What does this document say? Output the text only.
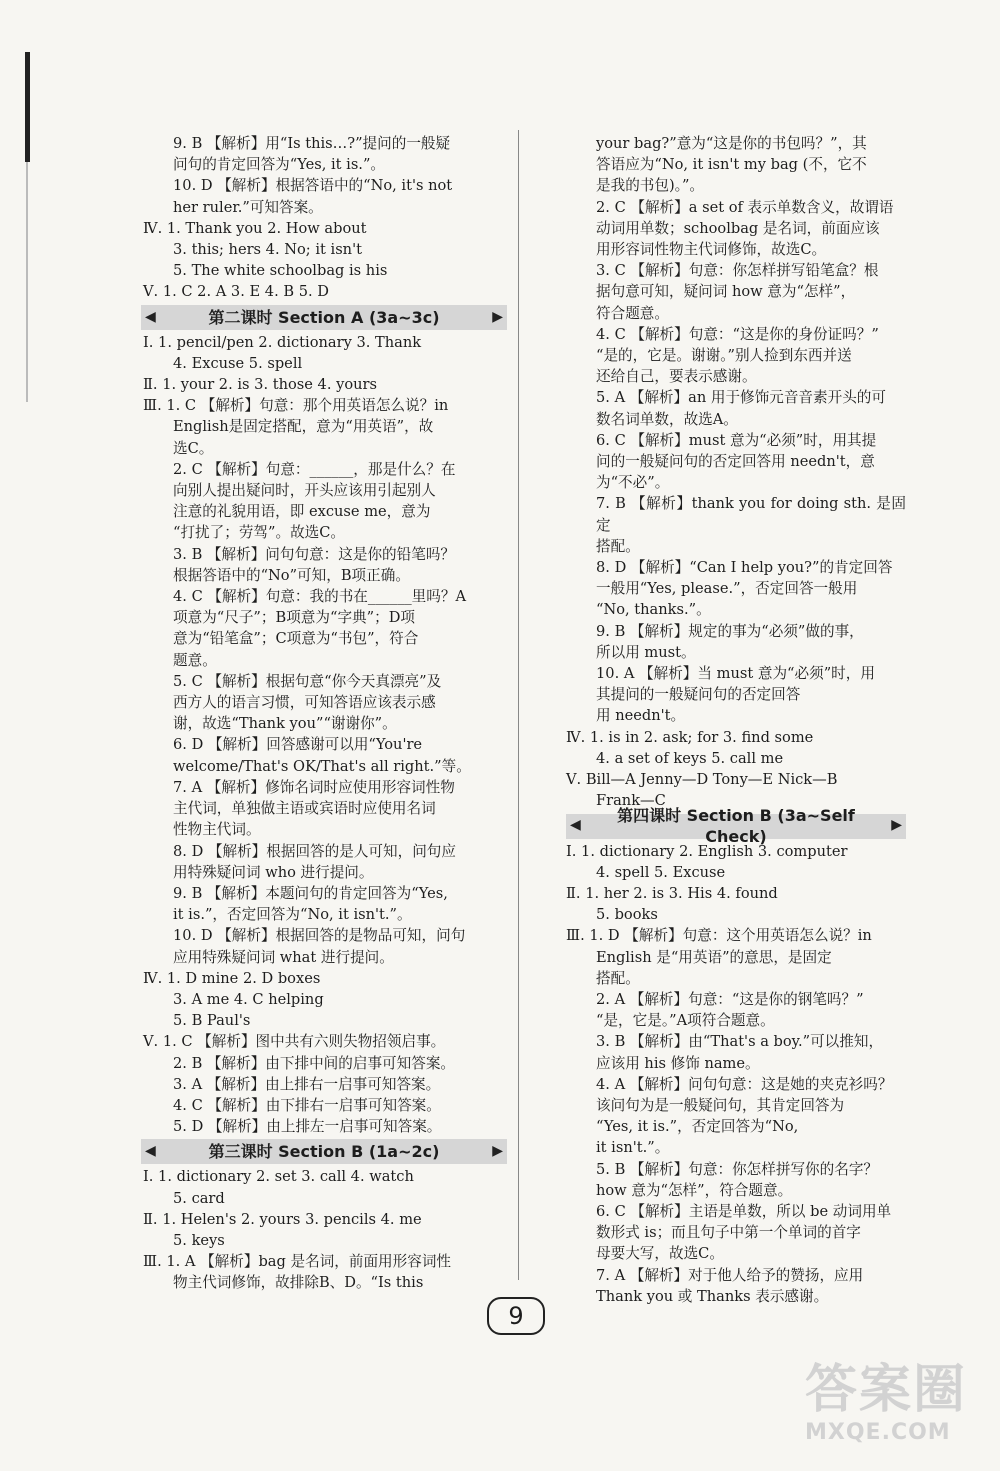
9. B 【解析】用“Is this…?”提问的一般疑
问句的肯定回答为“Yes, it is.”。
10. D 【解析】根据答语中的“No, it's not
her ruler.”可知答案。
Ⅳ. 1. Thank you 2. How about
3. this; hers 4. No; it isn't
5. The white schoolbag is his
Ⅴ. 1. C 2. A 3. E 4. B 5. D
◀	第二课时 Section A (3a~3c)	▶
Ⅰ. 1. pencil/pen 2. dictionary 3. Thank
4. Excuse 5. spell
Ⅱ. 1. your 2. is 3. those 4. yours
Ⅲ. 1. C 【解析】句意：那个用英语怎么说？in
English是固定搭配，意为“用英语”，故
选C。
2. C 【解析】句意：______，那是什么？在
向别人提出疑问时，开头应该用引起别人
注意的礼貌用语，即 excuse me，意为
“打扰了；劳驾”。故选C。
3. B 【解析】问句句意：这是你的铅笔吗？
根据答语中的“No”可知，B项正确。
4. C 【解析】句意：我的书在______里吗？A
项意为“尺子”；B项意为“字典”；D项
意为“铅笔盒”；C项意为“书包”，符合
题意。
5. C 【解析】根据句意“你今天真漂亮”及
西方人的语言习惯，可知答语应该表示感
谢，故选“Thank you”“谢谢你”。
6. D 【解析】回答感谢可以用“You're
welcome/That's OK/That's all right.”等。
7. A 【解析】修饰名词时应使用形容词性物
主代词，单独做主语或宾语时应使用名词
性物主代词。
8. D 【解析】根据回答的是人可知，问句应
用特殊疑问词 who 进行提问。
9. B 【解析】本题问句的肯定回答为“Yes,
it is.”，否定回答为“No, it isn't.”。
10. D 【解析】根据回答的是物品可知，问句
应用特殊疑问词 what 进行提问。
Ⅳ. 1. D mine 2. D boxes
3. A me 4. C helping
5. B Paul's
Ⅴ. 1. C 【解析】图中共有六则失物招领启事。
2. B 【解析】由下排中间的启事可知答案。
3. A 【解析】由上排右一启事可知答案。
4. C 【解析】由下排右一启事可知答案。
5. D 【解析】由上排左一启事可知答案。
◀	第三课时 Section B (1a~2c)	▶
Ⅰ. 1. dictionary 2. set 3. call 4. watch
5. card
Ⅱ. 1. Helen's 2. yours 3. pencils 4. me
5. keys
Ⅲ. 1. A 【解析】bag 是名词，前面用形容词性
物主代词修饰，故排除B、D。“Is this
your bag?”意为“这是你的书包吗？”，其
答语应为“No, it isn't my bag (不，它不
是我的书包)。”。
2. C 【解析】a set of 表示单数含义，故谓语
动词用单数；schoolbag 是名词，前面应该
用形容词性物主代词修饰，故选C。
3. C 【解析】句意：你怎样拼写铅笔盒？根
据句意可知，疑问词 how 意为“怎样”，
符合题意。
4. C 【解析】句意：“这是你的身份证吗？”
“是的，它是。谢谢。”别人捡到东西并送
还给自己，要表示感谢。
5. A 【解析】an 用于修饰元音音素开头的可
数名词单数，故选A。
6. C 【解析】must 意为“必须”时，用其提
问的一般疑问句的否定回答用 needn't，意
为“不必”。
7. B 【解析】thank you for doing sth. 是固定
搭配。
8. D 【解析】“Can I help you?”的肯定回答
一般用“Yes, please.”，否定回答一般用
“No, thanks.”。
9. B 【解析】规定的事为“必须”做的事，
所以用 must。
10. A 【解析】当 must 意为“必须”时，用
其提问的一般疑问句的否定回答
用 needn't。
Ⅳ. 1. is in 2. ask; for 3. find some
4. a set of keys 5. call me
Ⅴ. Bill—A Jenny—D Tony—E Nick—B
Frank—C
◀
第四课时 Section B (3a~Self Check)
▶
Ⅰ. 1. dictionary 2. English 3. computer
4. spell 5. Excuse
Ⅱ. 1. her 2. is 3. His 4. found
5. books
Ⅲ. 1. D 【解析】句意：这个用英语怎么说？in
English 是“用英语”的意思，是固定
搭配。
2. A 【解析】句意：“这是你的钢笔吗？”
“是，它是。”A项符合题意。
3. B 【解析】由“That's a boy.”可以推知，
应该用 his 修饰 name。
4. A 【解析】问句句意：这是她的夹克衫吗？
该问句为是一般疑问句，其肯定回答为
“Yes, it is.”，否定回答为“No,
it isn't.”。
5. B 【解析】句意：你怎样拼写你的名字？
how 意为“怎样”，符合题意。
6. C 【解析】主语是单数，所以 be 动词用单
数形式 is；而且句子中第一个单词的首字
母要大写，故选C。
7. A 【解析】对于他人给予的赞扬，应用
Thank you 或 Thanks 表示感谢。
9
答案圈
MXQE.COM
